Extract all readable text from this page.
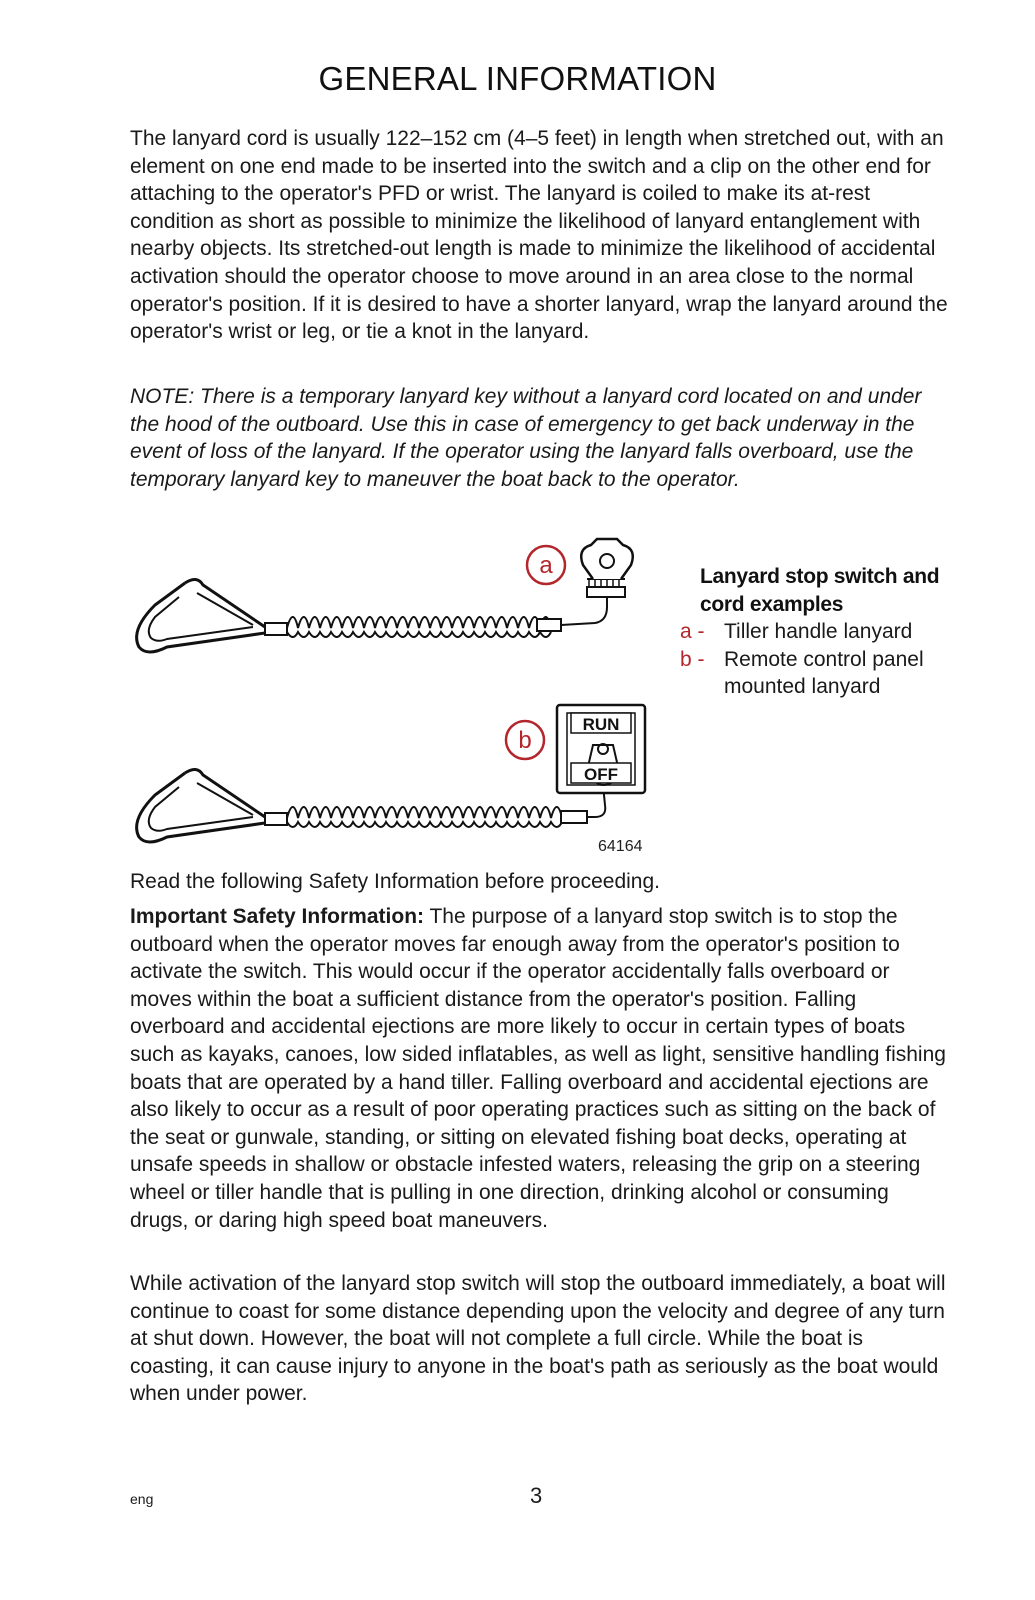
GENERAL INFORMATION

The lanyard cord is usually 122–152 cm (4–5 feet) in length when stretched out, with an element on one end made to be inserted into the switch and a clip on the other end for attaching to the operator's PFD or wrist. The lanyard is coiled to make its at-rest condition as short as possible to minimize the likelihood of lanyard entanglement with nearby objects. Its stretched-out length is made to minimize the likelihood of accidental activation should the operator choose to move around in an area close to the normal operator's position. If it is desired to have a shorter lanyard, wrap the lanyard around the operator's wrist or leg, or tie a knot in the lanyard.

NOTE: There is a temporary lanyard key without a lanyard cord located on and under the hood of the outboard. Use this in case of emergency to get back underway in the event of loss of the lanyard. If the operator using the lanyard falls overboard, use the temporary lanyard key to maneuver the boat back to the operator.

a
RUN
OFF
b
64164
Lanyard stop switch and cord examples
a - Tiller handle lanyard
b - Remote control panel mounted lanyard

Read the following Safety Information before proceeding.

Important Safety Information: The purpose of a lanyard stop switch is to stop the outboard when the operator moves far enough away from the operator's position to activate the switch. This would occur if the operator accidentally falls overboard or moves within the boat a sufficient distance from the operator's position. Falling overboard and accidental ejections are more likely to occur in certain types of boats such as kayaks, canoes, low sided inflatables, as well as light, sensitive handling fishing boats that are operated by a hand tiller. Falling overboard and accidental ejections are also likely to occur as a result of poor operating practices such as sitting on the back of the seat or gunwale, standing, or sitting on elevated fishing boat decks, operating at unsafe speeds in shallow or obstacle infested waters, releasing the grip on a steering wheel or tiller handle that is pulling in one direction, drinking alcohol or consuming drugs, or daring high speed boat maneuvers.

While activation of the lanyard stop switch will stop the outboard immediately, a boat will continue to coast for some distance depending upon the velocity and degree of any turn at shut down. However, the boat will not complete a full circle. While the boat is coasting, it can cause injury to anyone in the boat's path as seriously as the boat would when under power.

eng	3
